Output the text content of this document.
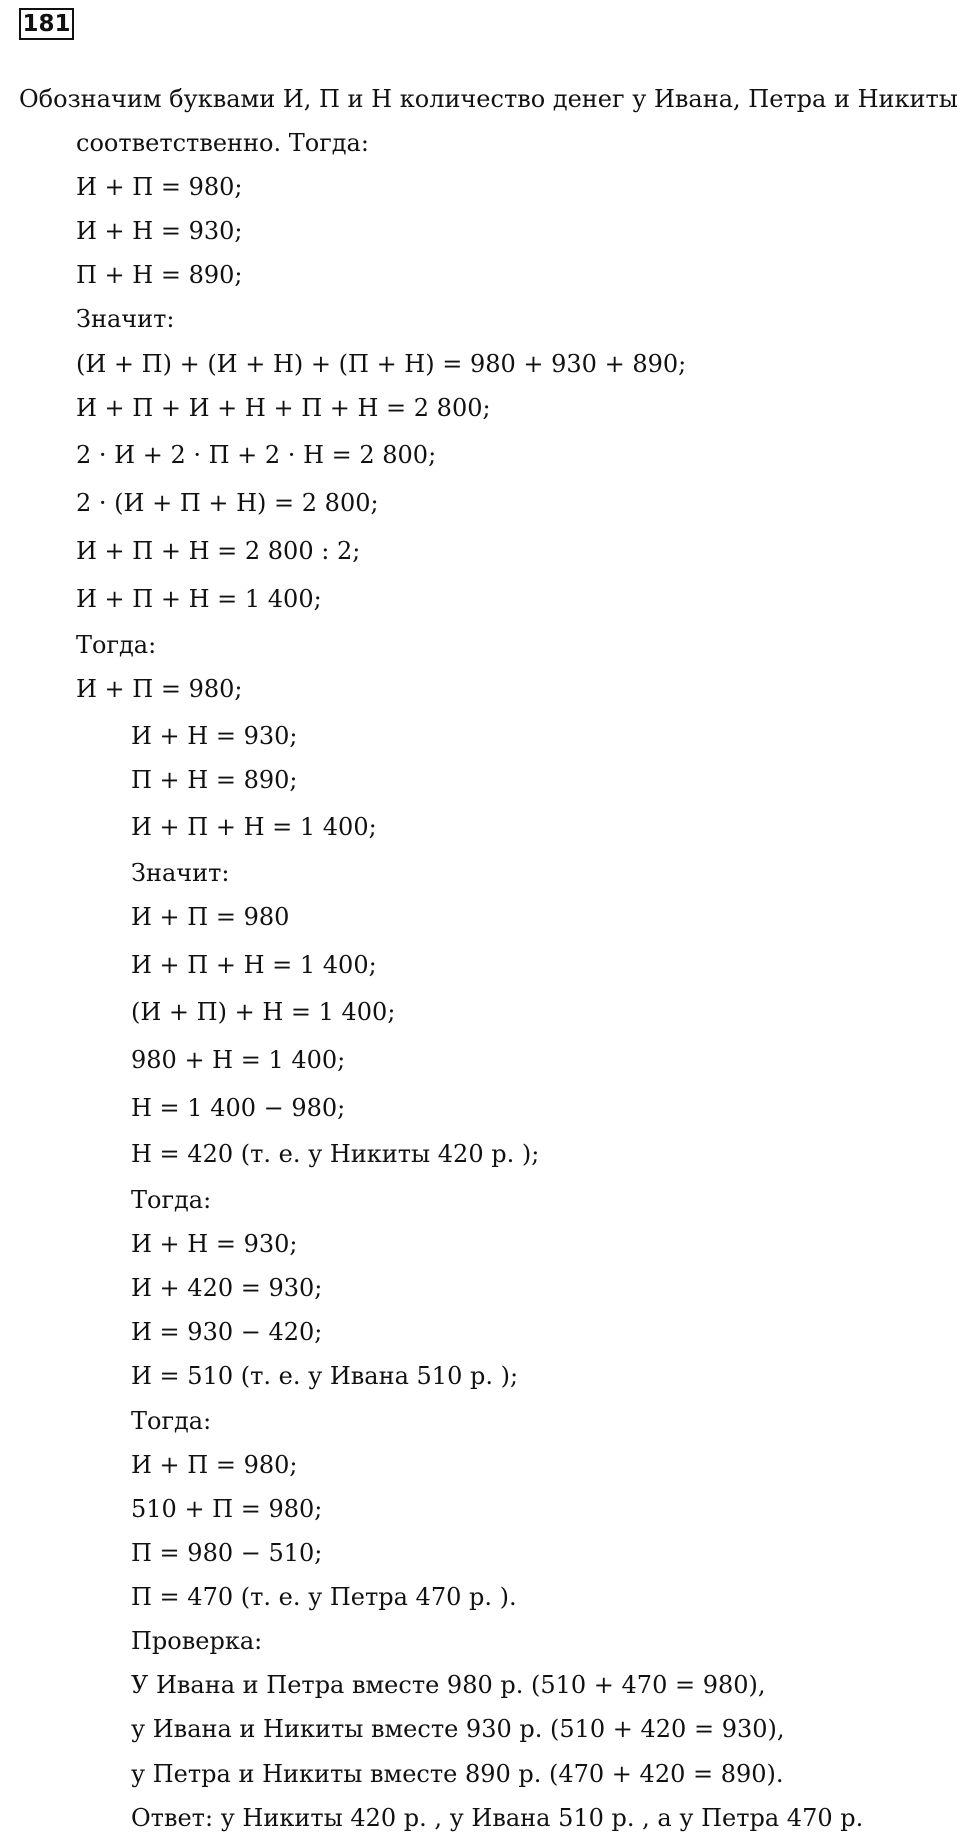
181
Обозначим буквами И, П и Н количество денег у Ивана, Петра и Никиты
соответственно. Тогда:
И + П = 980;
И + Н = 930;
П + Н = 890;
Значит:
(И + П) + (И + Н) + (П + Н) = 980 + 930 + 890;
И + П + И + Н + П + Н = 2 800;
2 · И + 2 · П + 2 · Н = 2 800;
2 · (И + П + Н) = 2 800;
И + П + Н = 2 800 : 2;
И + П + Н = 1 400;
Тогда:
И + П = 980;
И + Н = 930;
П + Н = 890;
И + П + Н = 1 400;
Значит:
И + П = 980
И + П + Н = 1 400;
(И + П) + Н = 1 400;
980 + Н = 1 400;
Н = 1 400 − 980;
Н = 420 (т. е. у Никиты 420 р. );
Тогда:
И + Н = 930;
И + 420 = 930;
И = 930 − 420;
И = 510 (т. е. у Ивана 510 р. );
Тогда:
И + П = 980;
510 + П = 980;
П = 980 − 510;
П = 470 (т. е. у Петра 470 р. ).
Проверка:
У Ивана и Петра вместе 980 р. (510 + 470 = 980),
у Ивана и Никиты вместе 930 р. (510 + 420 = 930),
у Петра и Никиты вместе 890 р. (470 + 420 = 890).
Ответ: у Никиты 420 р. , у Ивана 510 р. , а у Петра 470 р.
